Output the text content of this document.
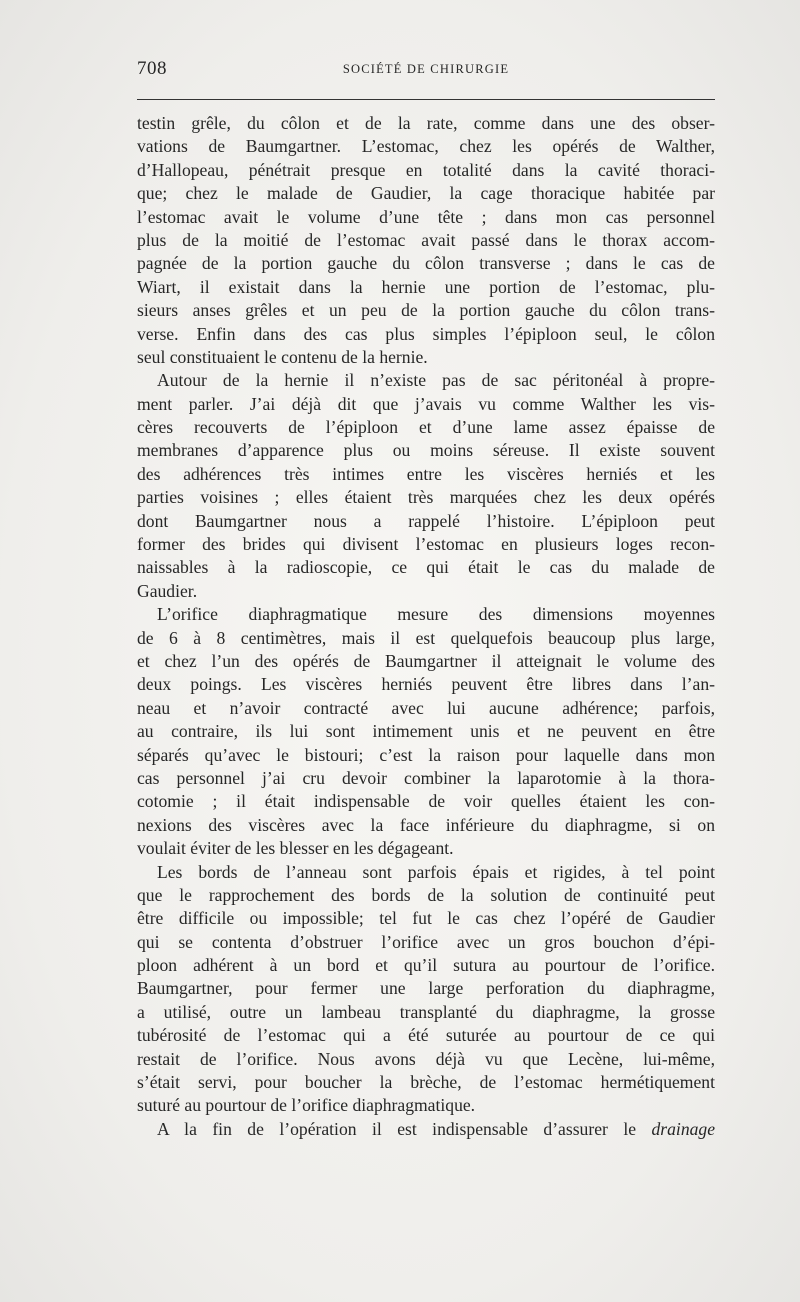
708	SOCIÉTÉ DE CHIRURGIE
testin grêle, du côlon et de la rate, comme dans une des obser-
vations de Baumgartner. L’estomac, chez les opérés de Walther,
d’Hallopeau, pénétrait presque en totalité dans la cavité thoraci-
que; chez le malade de Gaudier, la cage thoracique habitée par
l’estomac avait le volume d’une tête ; dans mon cas personnel
plus de la moitié de l’estomac avait passé dans le thorax accom-
pagnée de la portion gauche du côlon transverse ; dans le cas de
Wiart, il existait dans la hernie une portion de l’estomac, plu-
sieurs anses grêles et un peu de la portion gauche du côlon trans-
verse. Enfin dans des cas plus simples l’épiploon seul, le côlon
seul constituaient le contenu de la hernie.
Autour de la hernie il n’existe pas de sac péritonéal à propre-
ment parler. J’ai déjà dit que j’avais vu comme Walther les vis-
cères recouverts de l’épiploon et d’une lame assez épaisse de
membranes d’apparence plus ou moins séreuse. Il existe souvent
des adhérences très intimes entre les viscères herniés et les
parties voisines ; elles étaient très marquées chez les deux opérés
dont Baumgartner nous a rappelé l’histoire. L’épiploon peut
former des brides qui divisent l’estomac en plusieurs loges recon-
naissables à la radioscopie, ce qui était le cas du malade de
Gaudier.
L’orifice diaphragmatique mesure des dimensions moyennes
de 6 à 8 centimètres, mais il est quelquefois beaucoup plus large,
et chez l’un des opérés de Baumgartner il atteignait le volume des
deux poings. Les viscères herniés peuvent être libres dans l’an-
neau et n’avoir contracté avec lui aucune adhérence; parfois,
au contraire, ils lui sont intimement unis et ne peuvent en être
séparés qu’avec le bistouri; c’est la raison pour laquelle dans mon
cas personnel j’ai cru devoir combiner la laparotomie à la thora-
cotomie ; il était indispensable de voir quelles étaient les con-
nexions des viscères avec la face inférieure du diaphragme, si on
voulait éviter de les blesser en les dégageant.
Les bords de l’anneau sont parfois épais et rigides, à tel point
que le rapprochement des bords de la solution de continuité peut
être difficile ou impossible; tel fut le cas chez l’opéré de Gaudier
qui se contenta d’obstruer l’orifice avec un gros bouchon d’épi-
ploon adhérent à un bord et qu’il sutura au pourtour de l’orifice.
Baumgartner, pour fermer une large perforation du diaphragme,
a utilisé, outre un lambeau transplanté du diaphragme, la grosse
tubérosité de l’estomac qui a été suturée au pourtour de ce qui
restait de l’orifice. Nous avons déjà vu que Lecène, lui-même,
s’était servi, pour boucher la brèche, de l’estomac hermétiquement
suturé au pourtour de l’orifice diaphragmatique.
A la fin de l’opération il est indispensable d’assurer le drainage
